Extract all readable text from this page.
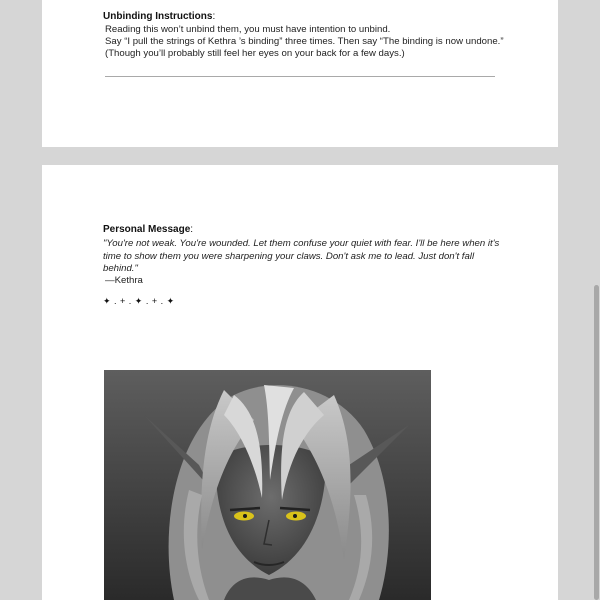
Unbinding Instructions:
Reading this won’t unbind them, you must have intention to unbind.
Say “I pull the strings of Kethra ’s binding” three times. Then say “The binding is now undone.”
(Though you’ll probably still feel her eyes on your back for a few days.)
Personal Message:
"You're not weak. You're wounded. Let them confuse your quiet with fear. I'll be here when it's time to show them you were sharpening your claws. Don't ask me to lead. Just don't fall behind."
—Kethra
✦ . + . ✦ . + . ✦
